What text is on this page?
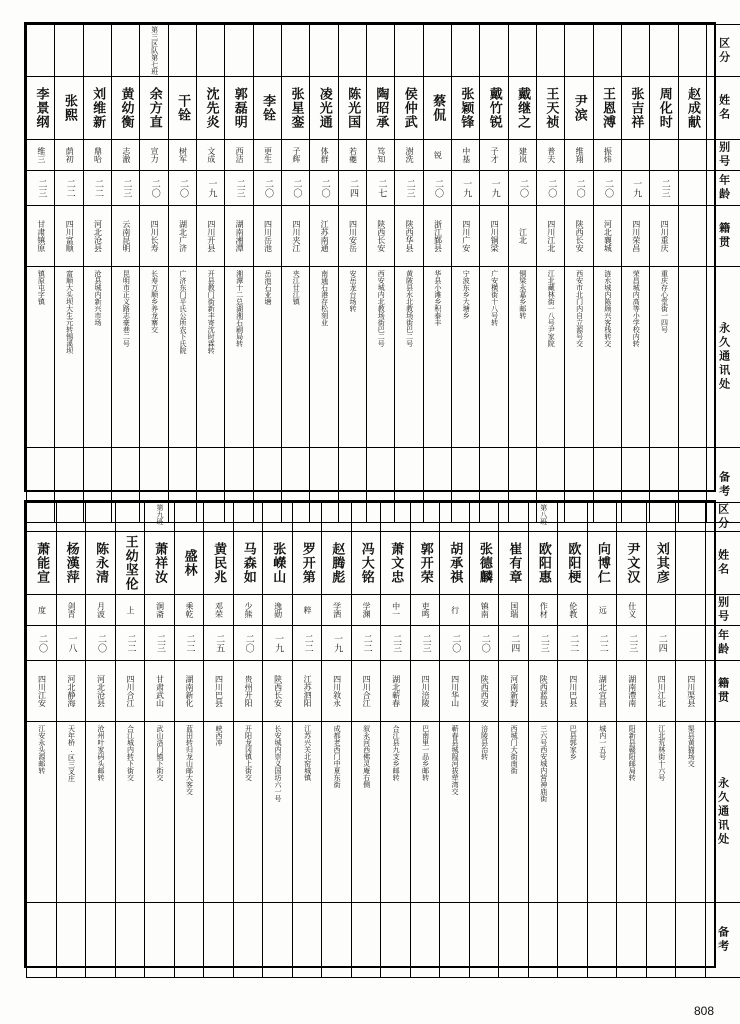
				第三区队第七班																				区分

李景纲	张熙	刘维新	黄幼衡	余方直	干铨	沈先炎	郭磊明	李铨	张星銮	凌光通	陈光国	陶昭承	侯仲武	蔡侃	张颖锋	戴竹锐	戴继之	王天祯	尹滨	王恩溥	张吉祥	周化时	赵成献	姓名

维三	荫初	鼎哈	志澈	宣力	树军	文成	西洁	更生	子辉	体群	若夔	笃知	澍洗	锐	中基	子才	建岚	普夫	维翔	振炜				别号

二三	二二	二二	二三	二〇	二〇	一九	二三	二〇	二〇	二〇	二四	二七	二三	二〇	一九	一九	二〇	二〇	二〇	二〇	一九	二三		年龄

甘肃镇原	四川富顺	河北沧县	云南昆明	四川长寿	湖北广济	四川开县	湖南湘潭	四川岳池	四川夹江	江苏南通	四川安岳	陕西长安	陕西华县	浙江鄞县	四川广安	四川铜梁	江北	四川江北	陕西长安	河北襄城	四川荣昌	四川重庆		籍贯

镇原屯字镇	富顺大头坝大生元转锡溪坝	沧县城内新兴市场	昆明市正义路志豪巷二号	长寿万顺乡养龙寨交	广济东门平氏公所农下氏院	开县教门街新丰寄沈时霖转	湘潭十二总湖湘石刷局转	岳池石亚塘	夹江廿江镇	南通石港存松刻业	安岳龙台场转	西安城内北教场街巴二号	黄陂县水北教场街巴二号	华县小滩乡积泰丰	宁波东乡大塘乡	广安横街十八号转	铜梁永嘉乡邮转	江北藏林街一八号尹家院	西安市北门内自立源号交	涟水城内陈顾兴客栈转交	荣昌城内高等小学校内转	重庆存心堂街一四号		永久通讯处

																								备考

				第九班													第八班						区分

萧能宣	杨漢萍	陈永清	王幼坚伦	萧祥汝	盛林	黄民兆	马森如	张嶸山	罗开第	赵腾彪	冯大铭	萧文忠	郭开荣	胡承祺	张德麟	崔有章	欧阳惠	欧阳梗	向博仁	尹文汉	刘其彦		姓名

度	剑青	月波	上	涧斋	乘乾	邓荣	少熊	逸勋	粹	学洒	学渊	中一	吏鸣	行	镇南	国瑞	作材	伦教	远	仕义			别号

二〇	一八	二〇	二二	二三	二二	二五	二〇	一九	二二	一九	二二	二三	二三	二〇	二〇	二四	二三	二二	二二	二三	二四		年龄

四川江安	河北静海	河北沧县	四川合江	甘肃武山	湖南新化	四川巴县	贵州开阳	陕西长安	江苏泗阳	四川敘永	四川合江	湖北蕲春	四川涪陵	四川华山	陕西西安	河南新野	陕西蓝县	四川巴县	湖北宜昌	湖南澧南	四川江北	四川渠县	籍贯

江安永头源邮转	天年桥.区三叉庄	沧州叶家码头邮转	合江城内转下街交	武山洛门镇下街交	蓝田转归龙山邮大客交	峡西冲	开阳龙冈镇上街交	长安城内崇义国坊六一号	江苏兴关北窑城镇	成都老西门中夏东街	叙永河西佛灵庵右侧	合江县九支乡邮转	巴南里一品乡邮转	蕲春县城隍河拔荦湾交	涪陵县治转	西城门大街南街	三六号西安城内营神庙街	巴县郭家乡	城内一五号	阳新县赣阳邮局转	江北荒林街十六号	渠县黄猫场交	永久通讯处

																							备考
808
